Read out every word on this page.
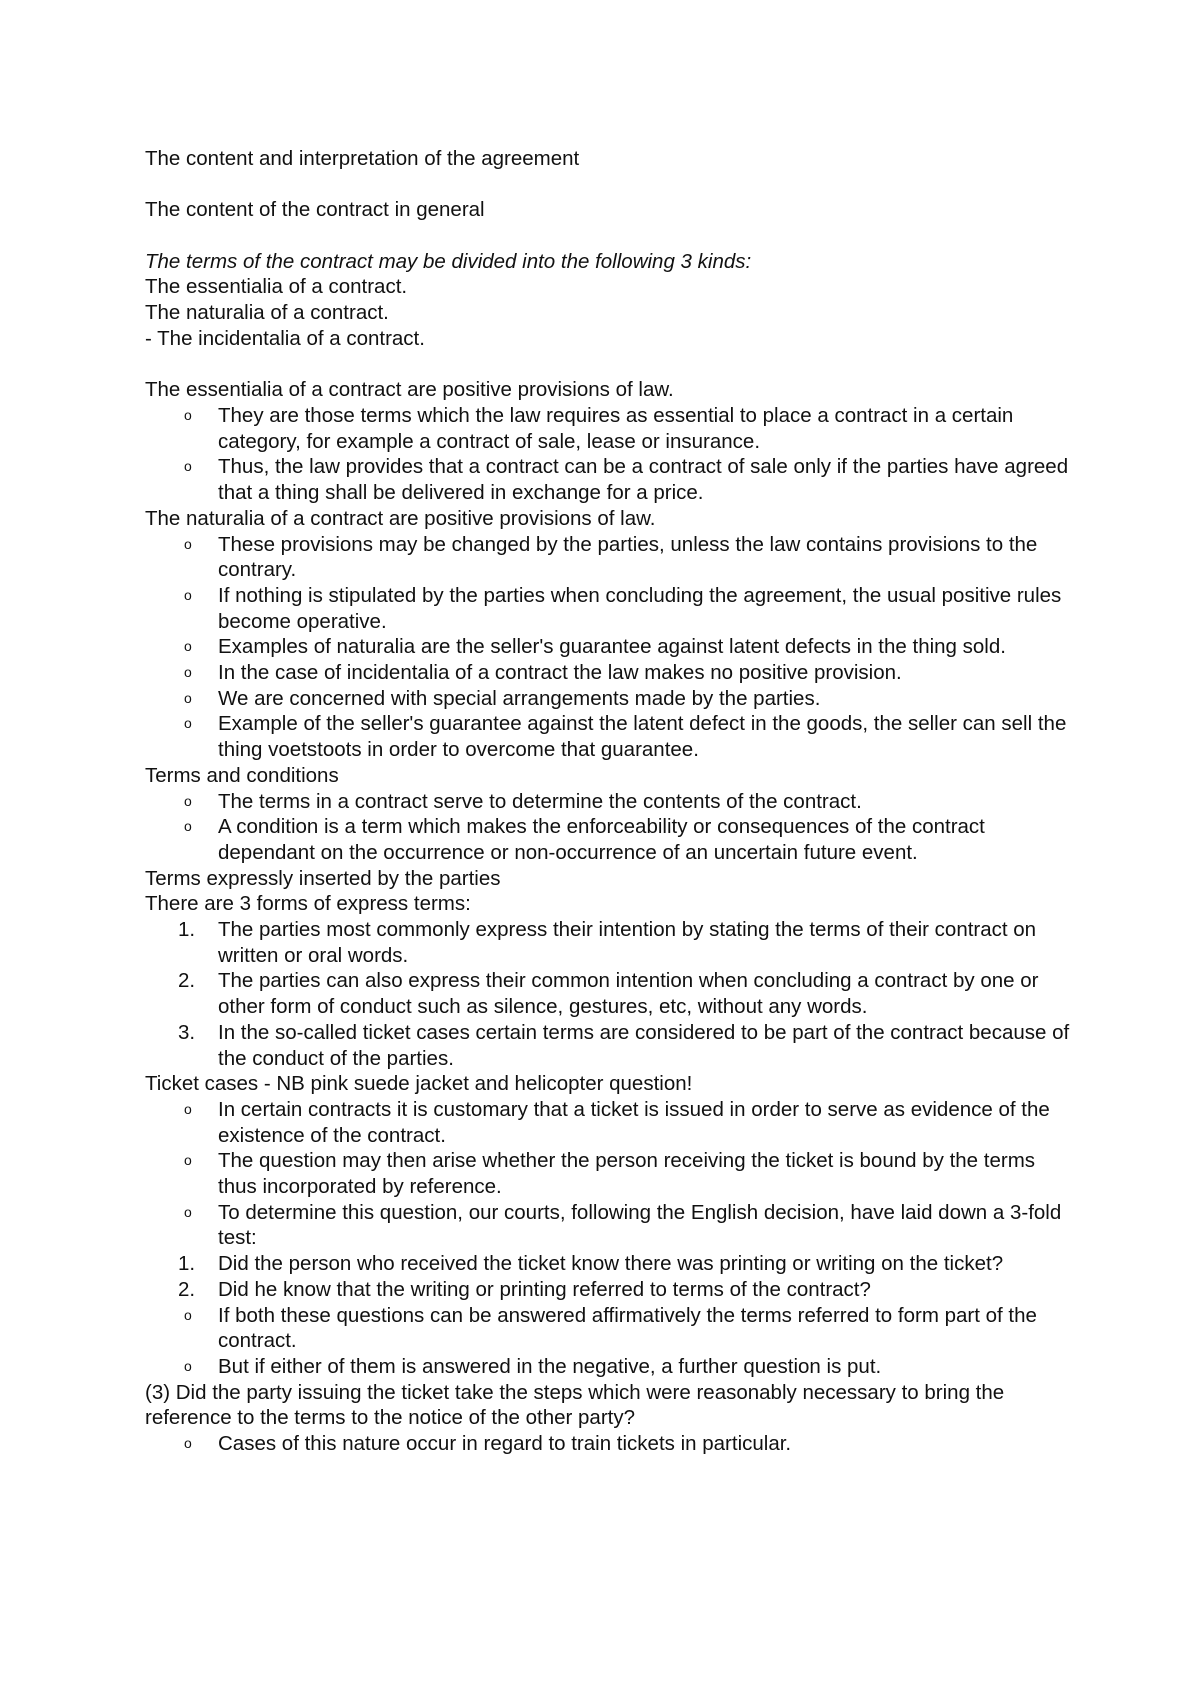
The content and interpretation of the agreement

The content of the contract in general

The terms of the contract may be divided into the following 3 kinds:

The essentialia of a contract.

The naturalia of a contract.

- The incidentalia of a contract.

The essentialia of a contract are positive provisions of law.

o	They are those terms which the law requires as essential to place a contract in a certain category, for example a contract of sale, lease or insurance.
o	Thus, the law provides that a contract can be a contract of sale only if the parties have agreed that a thing shall be delivered in exchange for a price.

The naturalia of a contract are positive provisions of law.

o	These provisions may be changed by the parties, unless the law contains provisions to the contrary.
o	If nothing is stipulated by the parties when concluding the agreement, the usual positive rules become operative.
o	Examples of naturalia are the seller's guarantee against latent defects in the thing sold.
o	In the case of incidentalia of a contract the law makes no positive provision.
o	We are concerned with special arrangements made by the parties.
o	Example of the seller's guarantee against the latent defect in the goods, the seller can sell the thing voetstoots in order to overcome that guarantee.

Terms and conditions

o	The terms in a contract serve to determine the contents of the contract.
o	A condition is a term which makes the enforceability or consequences of the contract dependant on the occurrence or non-occurrence of an uncertain future event.

Terms expressly inserted by the parties

There are 3 forms of express terms:

1.	The parties most commonly express their intention by stating the terms of their contract on written or oral words.
2.	The parties can also express their common intention when concluding a contract by one or other form of conduct such as silence, gestures, etc, without any words.
3.	In the so-called ticket cases certain terms are considered to be part of the contract because of the conduct of the parties.

Ticket cases - NB pink suede jacket and helicopter question!

o	In certain contracts it is customary that a ticket is issued in order to serve as evidence of the existence of the contract.
o	The question may then arise whether the person receiving the ticket is bound by the terms thus incorporated by reference.
o	To determine this question, our courts, following the English decision, have laid down a 3-fold test:
1.	Did the person who received the ticket know there was printing or writing on the ticket?
2.	Did he know that the writing or printing referred to terms of the contract?
o	If both these questions can be answered affirmatively the terms referred to form part of the contract.
o	But if either of them is answered in the negative, a further question is put.

(3) Did the party issuing the ticket take the steps which were reasonably necessary to bring the reference to the terms to the notice of the other party?

o	Cases of this nature occur in regard to train tickets in particular.
